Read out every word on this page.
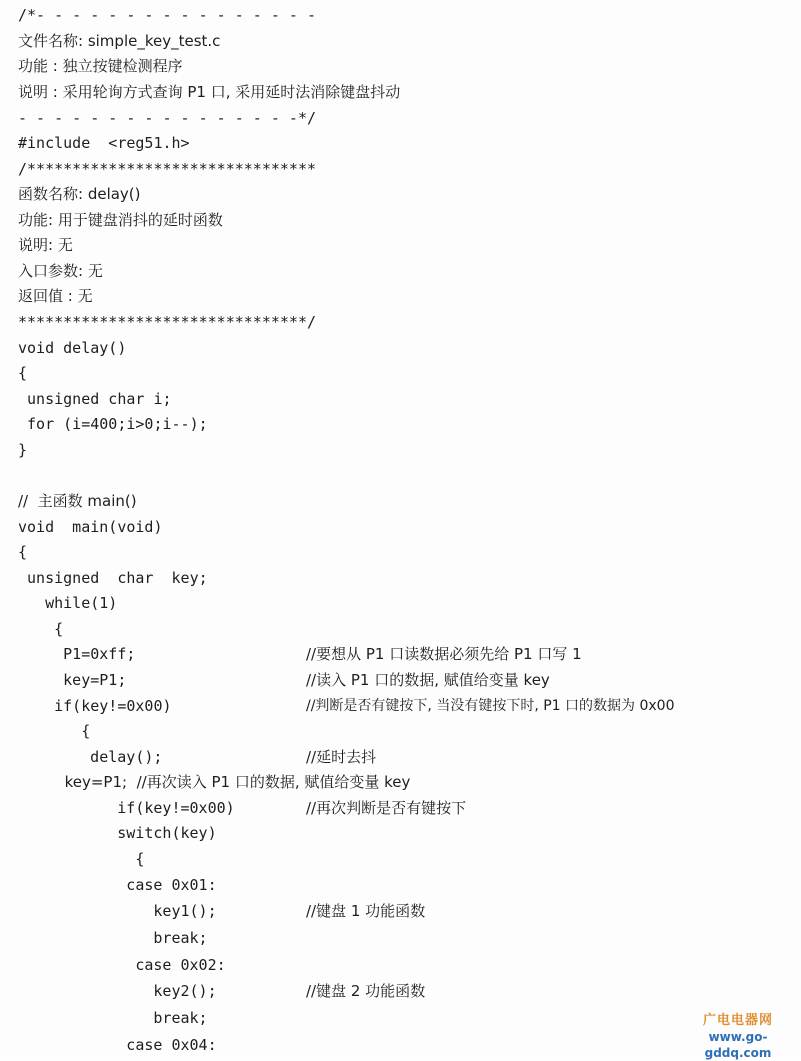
/*- - - - - - - - - - - - - - - -
文件名称: simple_key_test.c
功能 : 独立按键检测程序
说明 : 采用轮询方式查询 P1 口, 采用延时法消除键盘抖动
- - - - - - - - - - - - - - - -*/
#include  <reg51.h>
/********************************
函数名称: delay()
功能: 用于键盘消抖的延时函数
说明: 无
入口参数: 无
返回值 : 无
********************************/
void delay()
{
unsigned char i;
for (i=400;i>0;i--);
}
//  主函数 main()
void  main(void)
{
unsigned  char  key;
while(1)
{
P1=0xff;	//要想从 P1 口读数据必须先给 P1 口写 1
key=P1;	//读入 P1 口的数据, 赋值给变量 key
if(key!=0x00)	//判断是否有键按下, 当没有键按下时, P1 口的数据为 0x00
{
delay();	//延时去抖
key=P1;  //再次读入 P1 口的数据, 赋值给变量 key
if(key!=0x00)	//再次判断是否有键按下
switch(key)
{
case 0x01:
key1();	//键盘 1 功能函数
break;
case 0x02:
key2();	//键盘 2 功能函数
break;
case 0x04:
广电电器网
www.go-gddq.com
